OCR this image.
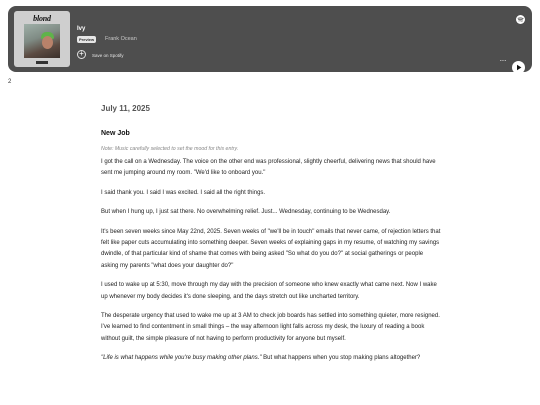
blond
Ivy
Preview	Frank Ocean
+	Save on Spotify
···
2

July 11, 2025

New Job

Note: Music carefully selected to set the mood for this entry.

I got the call on a Wednesday. The voice on the other end was professional, slightly cheerful, delivering news that should have sent me jumping around my room. "We'd like to onboard you."

I said thank you. I said I was excited. I said all the right things.

But when I hung up, I just sat there. No overwhelming relief. Just... Wednesday, continuing to be Wednesday.

It's been seven weeks since May 22nd, 2025. Seven weeks of "we'll be in touch" emails that never came, of rejection letters that felt like paper cuts accumulating into something deeper. Seven weeks of explaining gaps in my resume, of watching my savings dwindle, of that particular kind of shame that comes with being asked "So what do you do?" at social gatherings or people asking my parents "what does your daughter do?"

I used to wake up at 5:30, move through my day with the precision of someone who knew exactly what came next. Now I wake up whenever my body decides it's done sleeping, and the days stretch out like uncharted territory.

The desperate urgency that used to wake me up at 3 AM to check job boards has settled into something quieter, more resigned. I've learned to find contentment in small things – the way afternoon light falls across my desk, the luxury of reading a book without guilt, the simple pleasure of not having to perform productivity for anyone but myself.

"Life is what happens while you're busy making other plans." But what happens when you stop making plans altogether?
